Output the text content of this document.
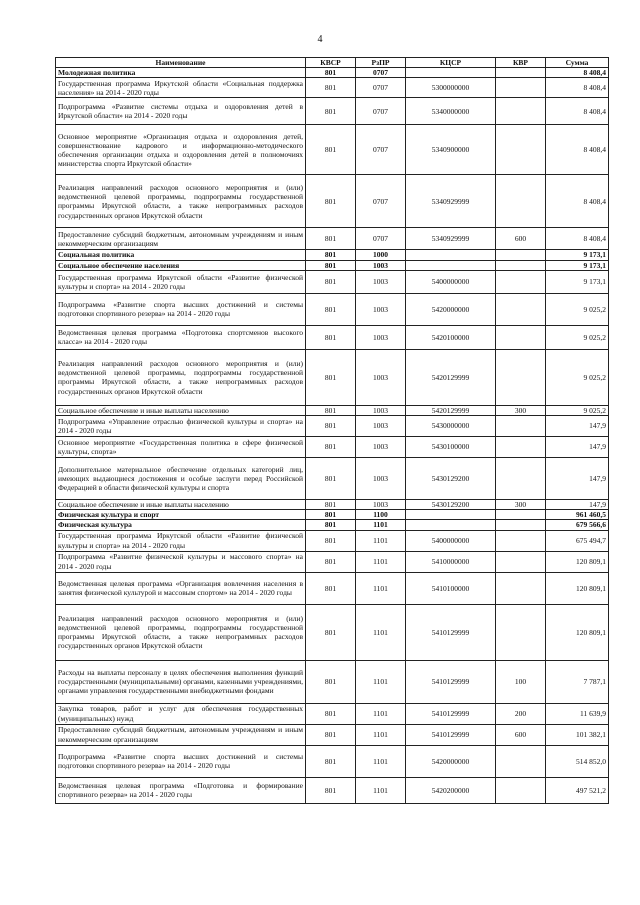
4
Наименование	КВСР	РзПР	КЦСР	КВР	Сумма
Молодежная политика	801	0707			8 408,4
Государственная программа Иркутской области «Социальная поддержка населения» на 2014 - 2020 годы	801	0707	5300000000		8 408,4
Подпрограмма «Развитие системы отдыха и оздоровления детей в Иркутской области» на 2014 - 2020 годы	801	0707	5340000000		8 408,4
Основное мероприятие «Организация отдыха и оздоровления детей, совершенствование кадрового и информационно-методического обеспечения организации отдыха и оздоровления детей в полномочиях министерства спорта Иркутской области»	801	0707	5340900000		8 408,4
Реализация направлений расходов основного мероприятия и (или) ведомственной целевой программы, подпрограммы государственной программы Иркутской области, а также непрограммных расходов государственных органов Иркутской области	801	0707	5340929999		8 408,4
Предоставление субсидий бюджетным, автономным учреждениям и иным некоммерческим организациям	801	0707	5340929999	600	8 408,4
Социальная политика	801	1000			9 173,1
Социальное обеспечение населения	801	1003			9 173,1
Государственная программа Иркутской области «Развитие физической культуры и спорта» на 2014 - 2020 годы	801	1003	5400000000		9 173,1
Подпрограмма «Развитие спорта высших достижений и системы подготовки спортивного резерва» на 2014 - 2020 годы	801	1003	5420000000		9 025,2
Ведомственная целевая программа «Подготовка спортсменов высокого класса» на 2014 - 2020 годы	801	1003	5420100000		9 025,2
Реализация направлений расходов основного мероприятия и (или) ведомственной целевой программы, подпрограммы государственной программы Иркутской области, а также непрограммных расходов государственных органов Иркутской области	801	1003	5420129999		9 025,2
Социальное обеспечение и иные выплаты населению	801	1003	5420129999	300	9 025,2
Подпрограмма «Управление отраслью физической культуры и спорта» на 2014 - 2020 годы	801	1003	5430000000		147,9
Основное мероприятие «Государственная политика в сфере физической культуры, спорта»	801	1003	5430100000		147,9
Дополнительное материальное обеспечение отдельных категорий лиц, имеющих выдающиеся достижения и особые заслуги перед Российской Федерацией в области физической культуры и спорта	801	1003	5430129200		147,9
Социальное обеспечение и иные выплаты населению	801	1003	5430129200	300	147,9
Физическая культура и спорт	801	1100			961 460,5
Физическая культура	801	1101			679 566,6
Государственная программа Иркутской области «Развитие физической культуры и спорта» на 2014 - 2020 годы	801	1101	5400000000		675 494,7
Подпрограмма «Развитие физической культуры и массового спорта» на 2014 - 2020 годы	801	1101	5410000000		120 809,1
Ведомственная целевая программа «Организация вовлечения населения в занятия физической культурой и массовым спортом» на 2014 - 2020 годы	801	1101	5410100000		120 809,1
Реализация направлений расходов основного мероприятия и (или) ведомственной целевой программы, подпрограммы государственной программы Иркутской области, а также непрограммных расходов государственных органов Иркутской области	801	1101	5410129999		120 809,1
Расходы на выплаты персоналу в целях обеспечения выполнения функций государственными (муниципальными) органами, казенными учреждениями, органами управления государственными внебюджетными фондами	801	1101	5410129999	100	7 787,1
Закупка товаров, работ и услуг для обеспечения государственных (муниципальных) нужд	801	1101	5410129999	200	11 639,9
Предоставление субсидий бюджетным, автономным учреждениям и иным некоммерческим организациям	801	1101	5410129999	600	101 382,1
Подпрограмма «Развитие спорта высших достижений и системы подготовки спортивного резерва» на 2014 - 2020 годы	801	1101	5420000000		514 852,0
Ведомственная целевая программа «Подготовка и формирование спортивного резерва» на 2014 - 2020 годы	801	1101	5420200000		497 521,2
